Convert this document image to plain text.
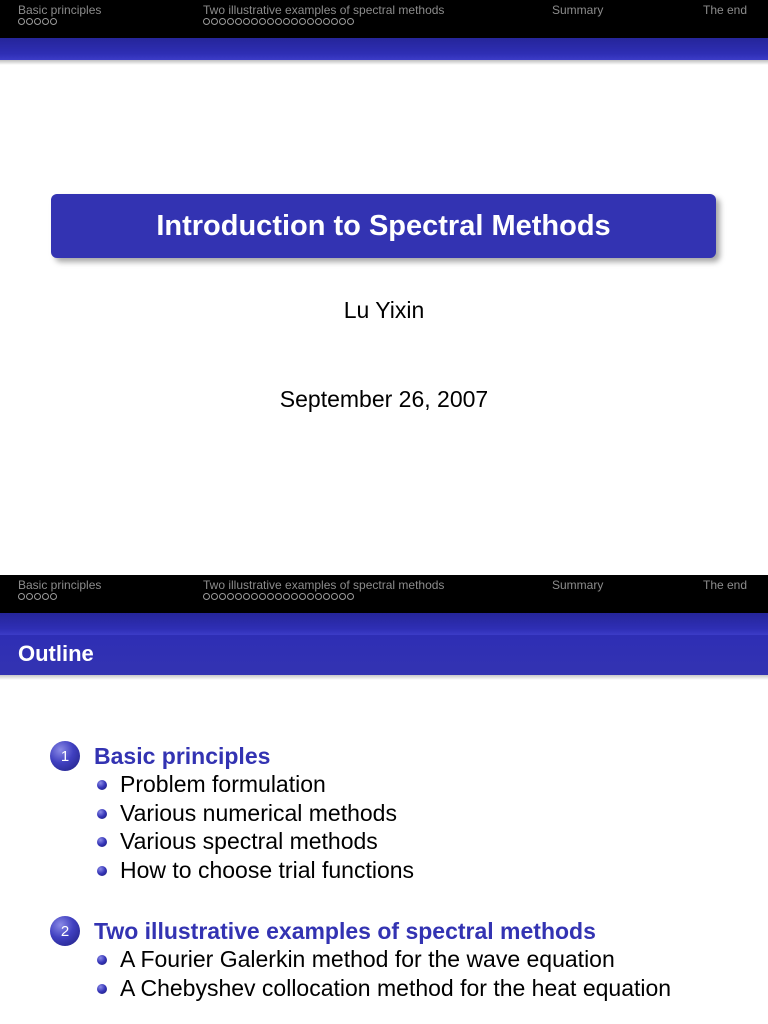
Basic principles	Two illustrative examples of spectral methods	Summary	The end
Introduction to Spectral Methods
Lu Yixin
September 26, 2007
Basic principles	Two illustrative examples of spectral methods	Summary	The end
Outline
1	Basic principles
Problem formulation
Various numerical methods
Various spectral methods
How to choose trial functions
2	Two illustrative examples of spectral methods
A Fourier Galerkin method for the wave equation
A Chebyshev collocation method for the heat equation
